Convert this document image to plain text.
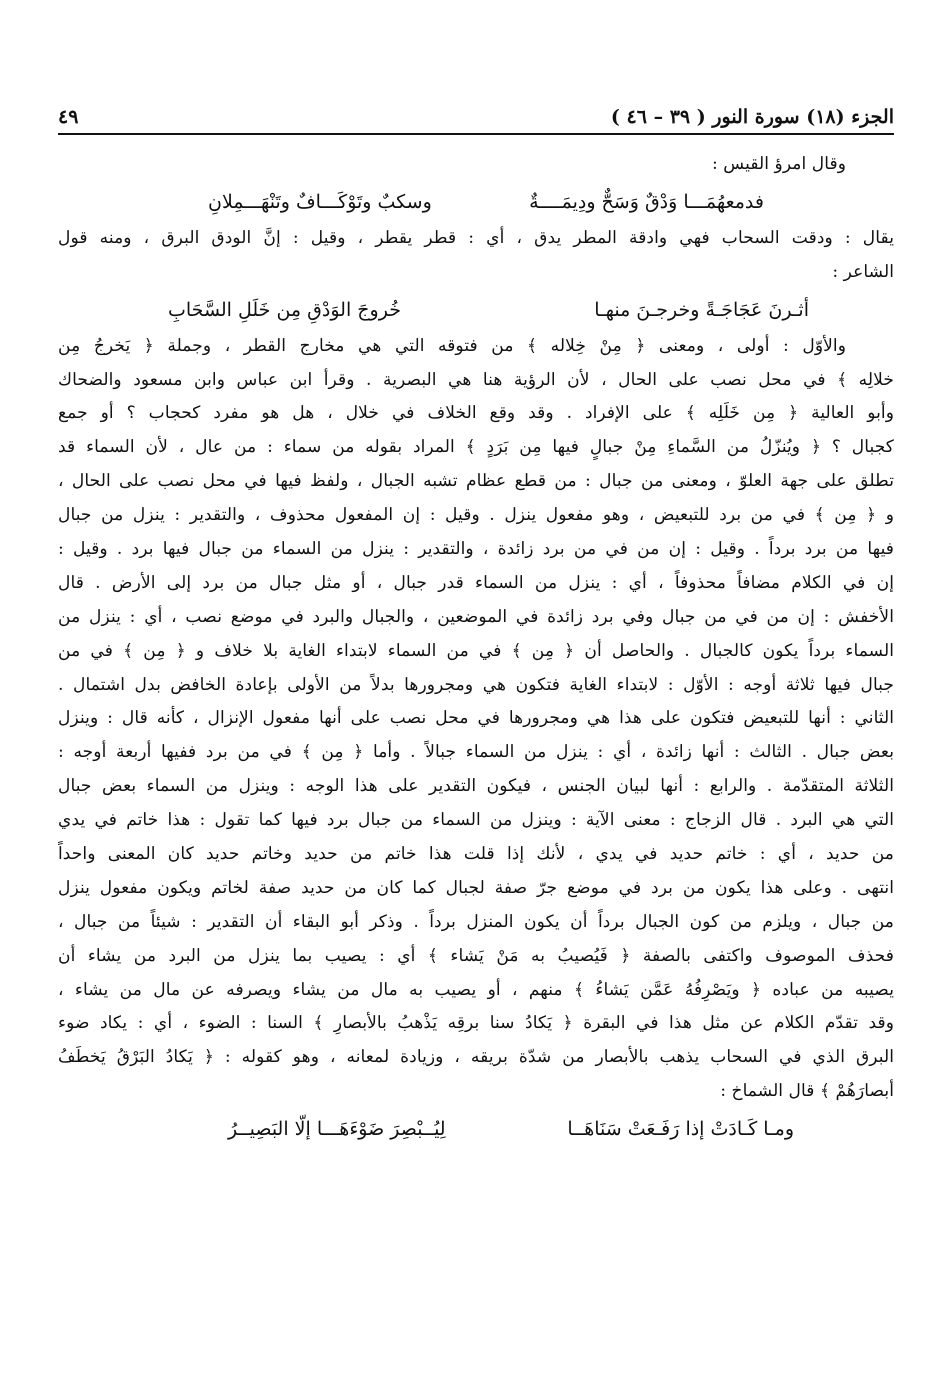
الجزء (١٨) سورة النور ( ٣٩ – ٤٦ )
٤٩
وقال امرؤ القيس :
فدمعهُمَـــا وَدْقٌ وَسَحٌّ ودِيمَــــةٌ
وسكبٌ وتَوْكَـــافٌ وتَنْهَـــمِلانِ
يقال : ودقت السحاب فهي وادقة المطر يدق ، أي : قطر يقطر ، وقيل : إنَّ الودق البرق ، ومنه قول
الشاعر :
أثـرنَ عَجَاجَـةً وخرجـنَ منهـا
خُروجَ الوَدْقِ مِن خَلَلِ السَّحَابِ
والأوّل : أولى ، ومعنى ﴿ مِنْ خِلاله ﴾ من فتوقه التي هي مخارج القطر ، وجملة ﴿ يَخرجُ مِن
خلالِه ﴾ في محل نصب على الحال ، لأن الرؤية هنا هي البصرية . وقرأ ابن عباس وابن مسعود والضحاك
وأبو العالية ﴿ مِن خَلَلِه ﴾ على الإفراد . وقد وقع الخلاف في خلال ، هل هو مفرد كحجاب ؟ أو جمع
كجبال ؟ ﴿ ويُنزّلُ من السَّماءِ مِنْ جبالٍ فيها مِن بَرَدٍ ﴾ المراد بقوله من سماء : من عال ، لأن السماء قد
تطلق على جهة العلوّ ، ومعنى من جبال : من قطع عظام تشبه الجبال ، ولفظ فيها في محل نصب على الحال ،
و ﴿ مِن ﴾ في من برد للتبعيض ، وهو مفعول ينزل . وقيل : إن المفعول محذوف ، والتقدير : ينزل من جبال
فيها من برد برداً . وقيل : إن من في من برد زائدة ، والتقدير : ينزل من السماء من جبال فيها برد . وقيل :
إن في الكلام مضافاً محذوفاً ، أي : ينزل من السماء قدر جبال ، أو مثل جبال من برد إلى الأرض . قال
الأخفش : إن من في من جبال وفي برد زائدة في الموضعين ، والجبال والبرد في موضع نصب ، أي : ينزل من
السماء برداً يكون كالجبال . والحاصل أن ﴿ مِن ﴾ في من السماء لابتداء الغاية بلا خلاف و ﴿ مِن ﴾ في من
جبال فيها ثلاثة أوجه : الأوّل : لابتداء الغاية فتكون هي ومجرورها بدلاً من الأولى بإعادة الخافض بدل اشتمال .
الثاني : أنها للتبعيض فتكون على هذا هي ومجرورها في محل نصب على أنها مفعول الإنزال ، كأنه قال : وينزل
بعض جبال . الثالث : أنها زائدة ، أي : ينزل من السماء جبالاً . وأما ﴿ مِن ﴾ في من برد ففيها أربعة أوجه :
الثلاثة المتقدّمة . والرابع : أنها لبيان الجنس ، فيكون التقدير على هذا الوجه : وينزل من السماء بعض جبال
التي هي البرد . قال الزجاج : معنى الآية : وينزل من السماء من جبال برد فيها كما تقول : هذا خاتم في يدي
من حديد ، أي : خاتم حديد في يدي ، لأنك إذا قلت هذا خاتم من حديد وخاتم حديد كان المعنى واحداً
انتهى . وعلى هذا يكون من برد في موضع جرّ صفة لجبال كما كان من حديد صفة لخاتم ويكون مفعول ينزل
من جبال ، ويلزم من كون الجبال برداً أن يكون المنزل برداً . وذكر أبو البقاء أن التقدير : شيئاً من جبال ،
فحذف الموصوف واكتفى بالصفة ﴿ فَيُصيبُ به مَنْ يَشاء ﴾ أي : يصيب بما ينزل من البرد من يشاء أن
يصيبه من عباده ﴿ ويَصْرِفُهُ عَمَّن يَشاءُ ﴾ منهم ، أو يصيب به مال من يشاء ويصرفه عن مال من يشاء ،
وقد تقدّم الكلام عن مثل هذا في البقرة ﴿ يَكادُ سنا برقِه يَذْهبُ بالأبصارِ ﴾ السنا : الضوء ، أي : يكاد ضوء
البرق الذي في السحاب يذهب بالأبصار من شدّة بريقه ، وزيادة لمعانه ، وهو كقوله : ﴿ يَكادُ البَرْقُ يَخطَفُ
أبصارَهُمْ ﴾ قال الشماخ :
ومـا كَـادَتْ إذا رَفَـعَتْ سَنَاهَــا
لِيُــبْصِرَ ضَوْءَهَـــا إلّا البَصِيــرُ
